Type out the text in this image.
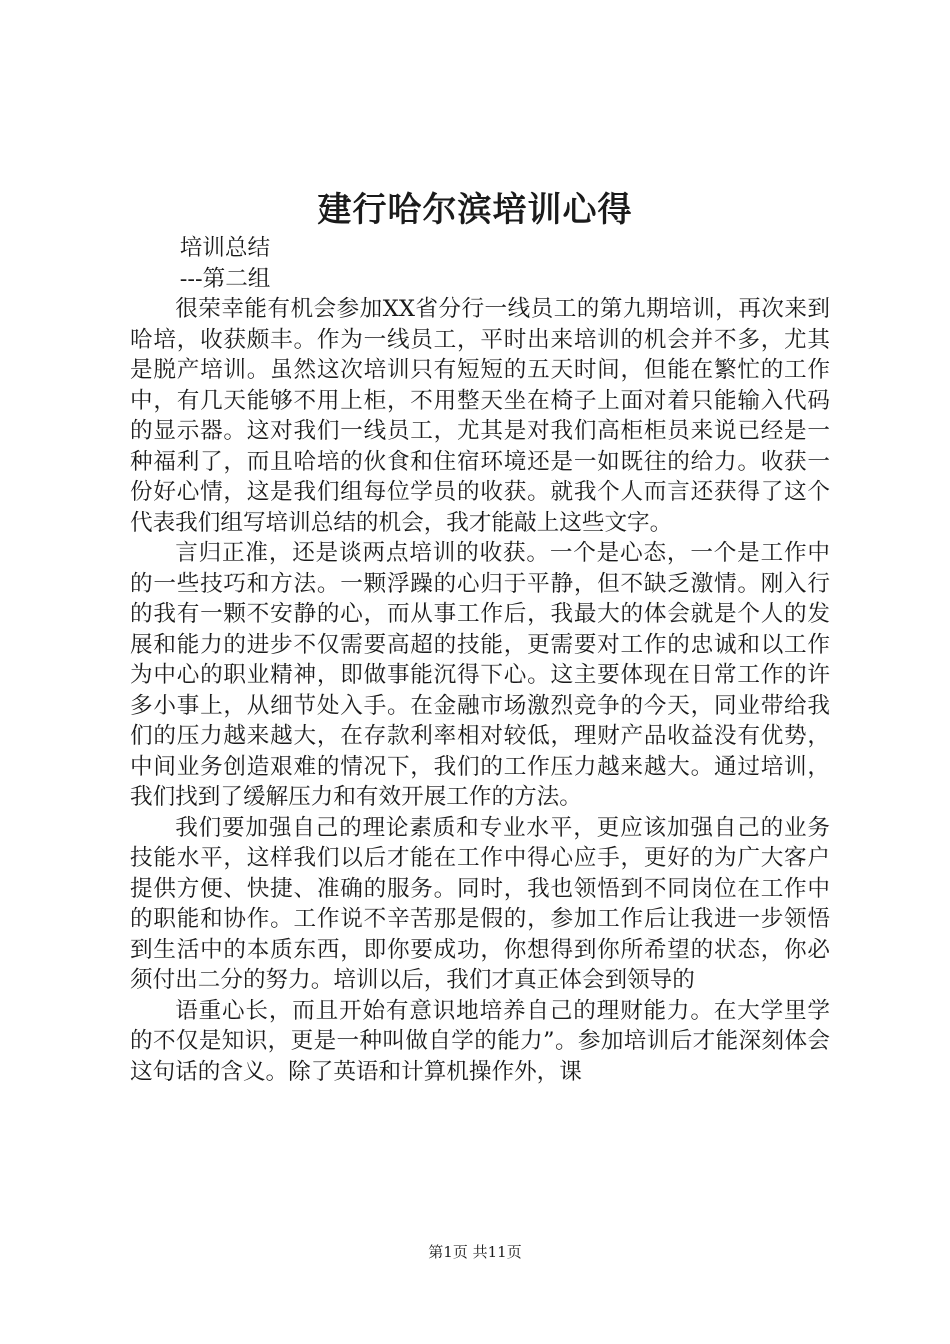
建行哈尔滨培训心得

培训总结

---第二组

很荣幸能有机会参加XX省分行一线员工的第九期培训，再次来到哈培，收获颇丰。作为一线员工，平时出来培训的机会并不多，尤其是脱产培训。虽然这次培训只有短短的五天时间，但能在繁忙的工作中，有几天能够不用上柜，不用整天坐在椅子上面对着只能输入代码的显示器。这对我们一线员工，尤其是对我们高柜柜员来说已经是一种福利了，而且哈培的伙食和住宿环境还是一如既往的给力。收获一份好心情，这是我们组每位学员的收获。就我个人而言还获得了这个代表我们组写培训总结的机会，我才能敲上这些文字。

言归正准，还是谈两点培训的收获。一个是心态，一个是工作中的一些技巧和方法。一颗浮躁的心归于平静，但不缺乏激情。刚入行的我有一颗不安静的心，而从事工作后，我最大的体会就是个人的发展和能力的进步不仅需要高超的技能，更需要对工作的忠诚和以工作为中心的职业精神，即做事能沉得下心。这主要体现在日常工作的许多小事上，从细节处入手。在金融市场激烈竞争的今天，同业带给我们的压力越来越大，在存款利率相对较低，理财产品收益没有优势，中间业务创造艰难的情况下，我们的工作压力越来越大。通过培训，我们找到了缓解压力和有效开展工作的方法。

我们要加强自己的理论素质和专业水平，更应该加强自己的业务技能水平，这样我们以后才能在工作中得心应手，更好的为广大客户提供方便、快捷、准确的服务。同时，我也领悟到不同岗位在工作中的职能和协作。工作说不辛苦那是假的，参加工作后让我进一步领悟到生活中的本质东西，即你要成功，你想得到你所希望的状态，你必须付出二分的努力。培训以后，我们才真正体会到领导的

语重心长，而且开始有意识地培养自己的理财能力。在大学里学的不仅是知识，更是一种叫做自学的能力”。参加培训后才能深刻体会这句话的含义。除了英语和计算机操作外，课

第1页 共11页
